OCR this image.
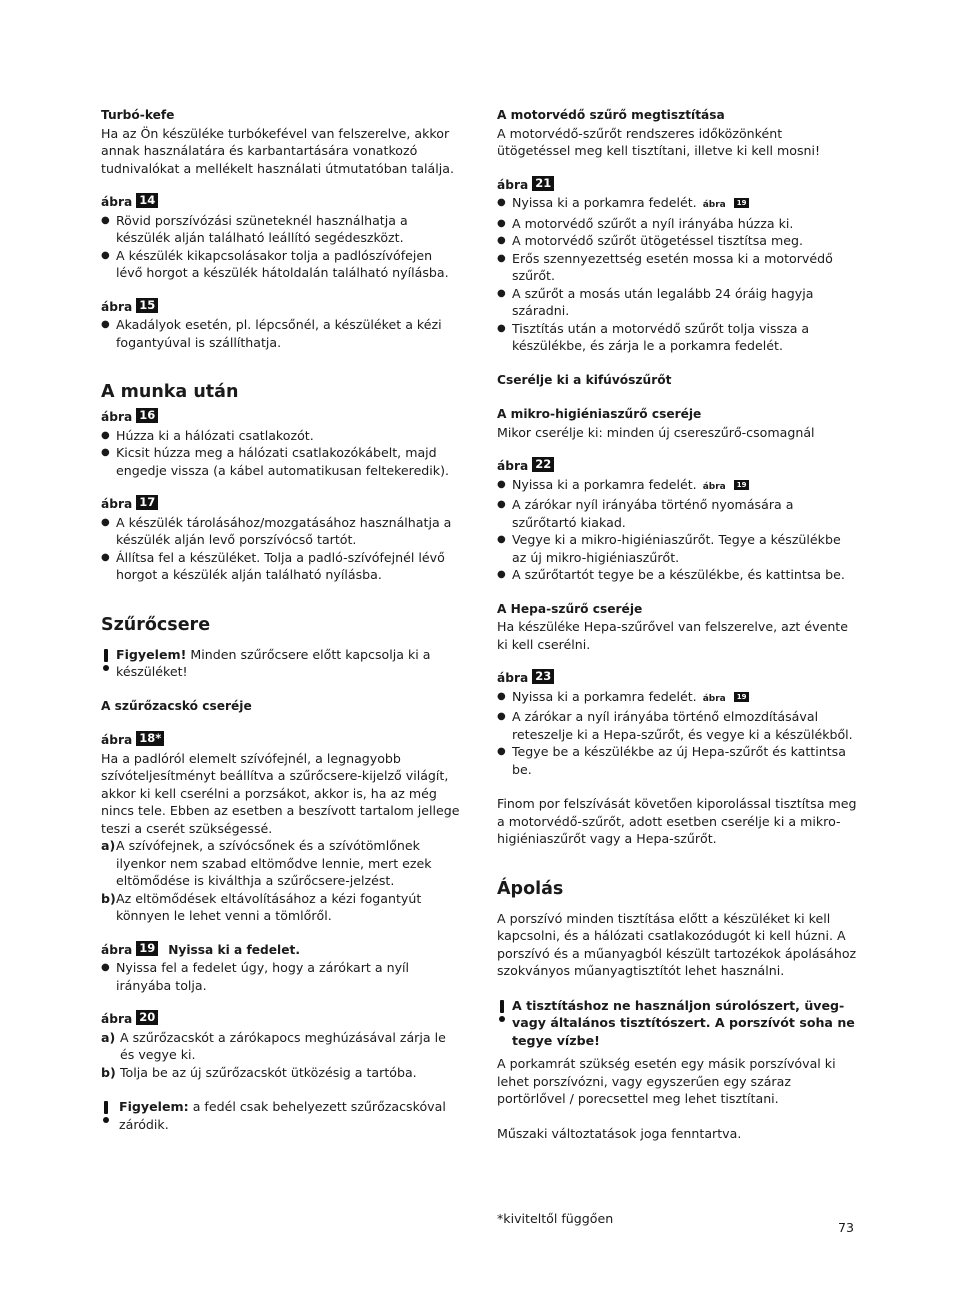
Turbó-kefe

Ha az Ön készüléke turbókefével van felszerelve, akkor annak használatára és karbantartására vonatkozó tudnivalókat a mellékelt használati útmutatóban találja.

ábra 14

● Rövid porszívózási szüneteknél használhatja a készülék alján található leállító segédeszközt.
● A készülék kikapcsolásakor tolja a padlószívófejen lévő horgot a készülék hátoldalán található nyílásba.

ábra 15

● Akadályok esetén, pl. lépcsőnél, a készüléket a kézi fogantyúval is szállíthatja.

A munka után

ábra 16

● Húzza ki a hálózati csatlakozót.
● Kicsit húzza meg a hálózati csatlakozókábelt, majd engedje vissza (a kábel automatikusan feltekeredik).

ábra 17

● A készülék tárolásához/mozgatásához használhatja a készülék alján levő porszívócső tartót.
● Állítsa fel a készüléket. Tolja a padló-szívófejnél lévő horgot a készülék alján található nyílásba.

Szűrőcsere

Figyelem! Minden szűrőcsere előtt kapcsolja ki a készüléket!

A szűrőzacskó cseréje

ábra 18*

Ha a padlóról elemelt szívófejnél, a legnagyobb szívóteljesítményt beállítva a szűrőcsere-kijelző világít, akkor ki kell cserélni a porzsákot, akkor is, ha az még nincs tele. Ebben az esetben a beszívott tartalom jellege teszi a cserét szükségessé.

a) A szívófejnek, a szívócsőnek és a szívótömlőnek ilyenkor nem szabad eltömődve lennie, mert ezek eltömődése is kiválthja a szűrőcsere-jelzést.
b) Az eltömődések eltávolításához a kézi fogantyút könnyen le lehet venni a tömlőről.

ábra 19 Nyissa ki a fedelet.

● Nyissa fel a fedelet úgy, hogy a zárókart a nyíl irányába tolja.

ábra 20

a) A szűrőzacskót a zárókapocs meghúzásával zárja le és vegye ki.
b) Tolja be az új szűrőzacskót ütközésig a tartóba.
Figyelem: a fedél csak behelyezett szűrőzacskóval záródik.

A motorvédő szűrő megtisztítása

A motorvédő-szűrőt rendszeres időközönként ütögetéssel meg kell tisztítani, illetve ki kell mosni!

ábra 21

● Nyissa ki a porkamra fedelét. ábra 19
● A motorvédő szűrőt a nyíl irányába húzza ki.
● A motorvédő szűrőt ütögetéssel tisztítsa meg.
● Erős szennyezettség esetén mossa ki a motorvédő szűrőt.
● A szűrőt a mosás után legalább 24 óráig hagyja száradni.
● Tisztítás után a motorvédő szűrőt tolja vissza a készülékbe, és zárja le a porkamra fedelét.

Cserélje ki a kifúvószűrőt

A mikro-higiéniaszűrő cseréje

Mikor cserélje ki: minden új csereszűrő-csomagnál

ábra 22

● Nyissa ki a porkamra fedelét. ábra 19
● A zárókar nyíl irányába történő nyomására a szűrőtartó kiakad.
● Vegye ki a mikro-higiéniaszűrőt. Tegye a készülékbe az új mikro-higiéniaszűrőt.
● A szűrőtartót tegye be a készülékbe, és kattintsa be.

A Hepa-szűrő cseréje

Ha készüléke Hepa-szűrővel van felszerelve, azt évente ki kell cserélni.

ábra 23

● Nyissa ki a porkamra fedelét. ábra 19
● A zárókar a nyíl irányába történő elmozdításával reteszelje ki a Hepa-szűrőt, és vegye ki a készülékből.
● Tegye be a készülékbe az új Hepa-szűrőt és kattintsa be.

Finom por felszívását követően kiporolással tisztítsa meg a motorvédő-szűrőt, adott esetben cserélje ki a mikro-higiéniaszűrőt vagy a Hepa-szűrőt.

Ápolás

A porszívó minden tisztítása előtt a készüléket ki kell kapcsolni, és a hálózati csatlakozódugót ki kell húzni. A porszívó és a műanyagból készült tartozékok ápolásához szokványos műanyagtisztítót lehet használni.

A tisztításhoz ne használjon súrolószert, üveg- vagy általános tisztítószert. A porszívót soha ne tegye vízbe!

A porkamrát szükség esetén egy másik porszívóval ki lehet porszívózni, vagy egyszerűen egy száraz portörlővel / porecsettel meg lehet tisztítani.

Műszaki változtatások joga fenntartva.

*kiviteltől függően
73
